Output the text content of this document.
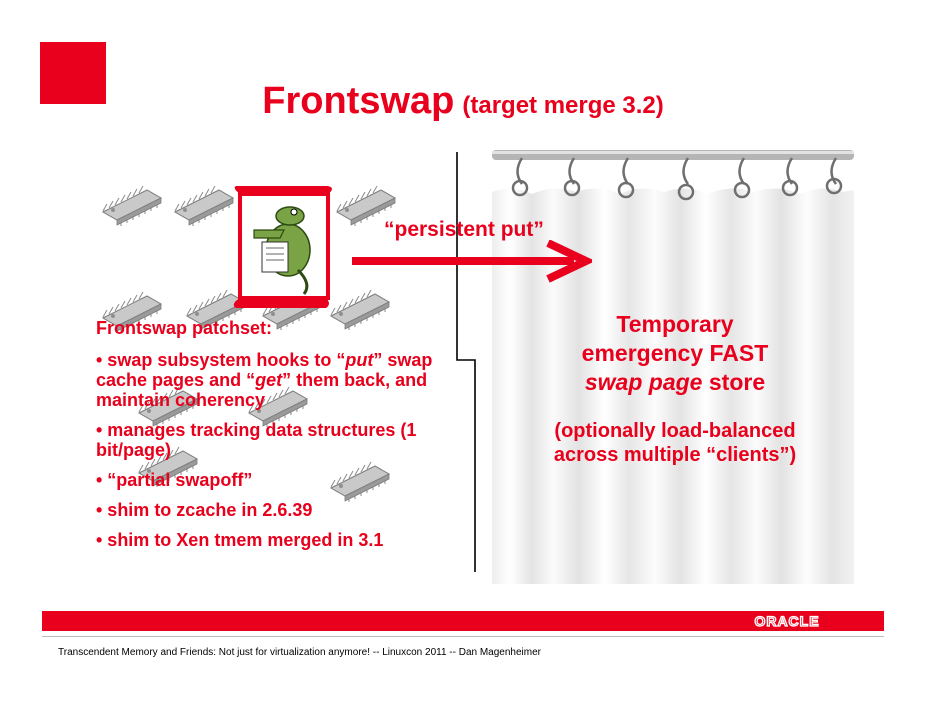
Frontswap (target merge 3.2)
“persistent put”

Frontswap patchset:

• swap subsystem hooks to “put” swap cache pages and “get” them back, and maintain coherency

• manages tracking data structures (1 bit/page)

• “partial swapoff”

• shim to zcache in 2.6.39

• shim to Xen tmem merged in 3.1

Temporary
emergency FAST
swap page store
(optionally load-balanced across multiple “clients”)
ORACLE
Transcendent Memory and Friends: Not just for virtualization anymore! -- Linuxcon 2011 -- Dan Magenheimer
